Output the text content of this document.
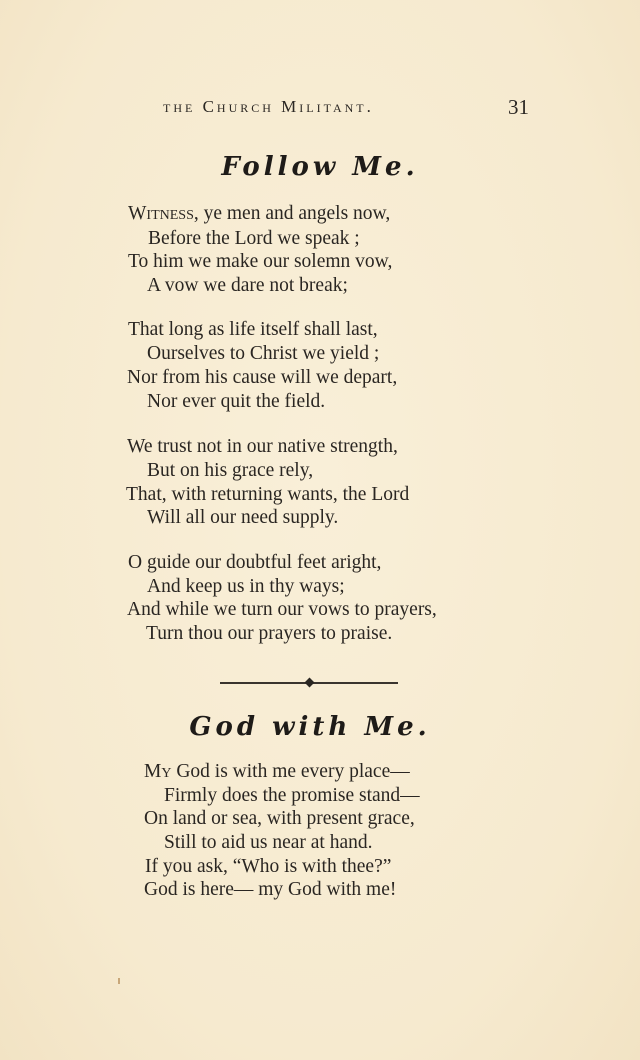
the Church Militant.	31
Follow Me.
Witness, ye men and angels now,
Before the Lord we speak ;
To him we make our solemn vow,
A vow we dare not break;
That long as life itself shall last,
Ourselves to Christ we yield ;
Nor from his cause will we depart,
Nor ever quit the field.
We trust not in our native strength,
But on his grace rely,
That, with returning wants, the Lord
Will all our need supply.
O guide our doubtful feet aright,
And keep us in thy ways;
And while we turn our vows to prayers,
Turn thou our prayers to praise.
God with Me.
My God is with me every place—
Firmly does the promise stand—
On land or sea, with present grace,
Still to aid us near at hand.
If you ask, “Who is with thee?”
God is here— my God with me!
